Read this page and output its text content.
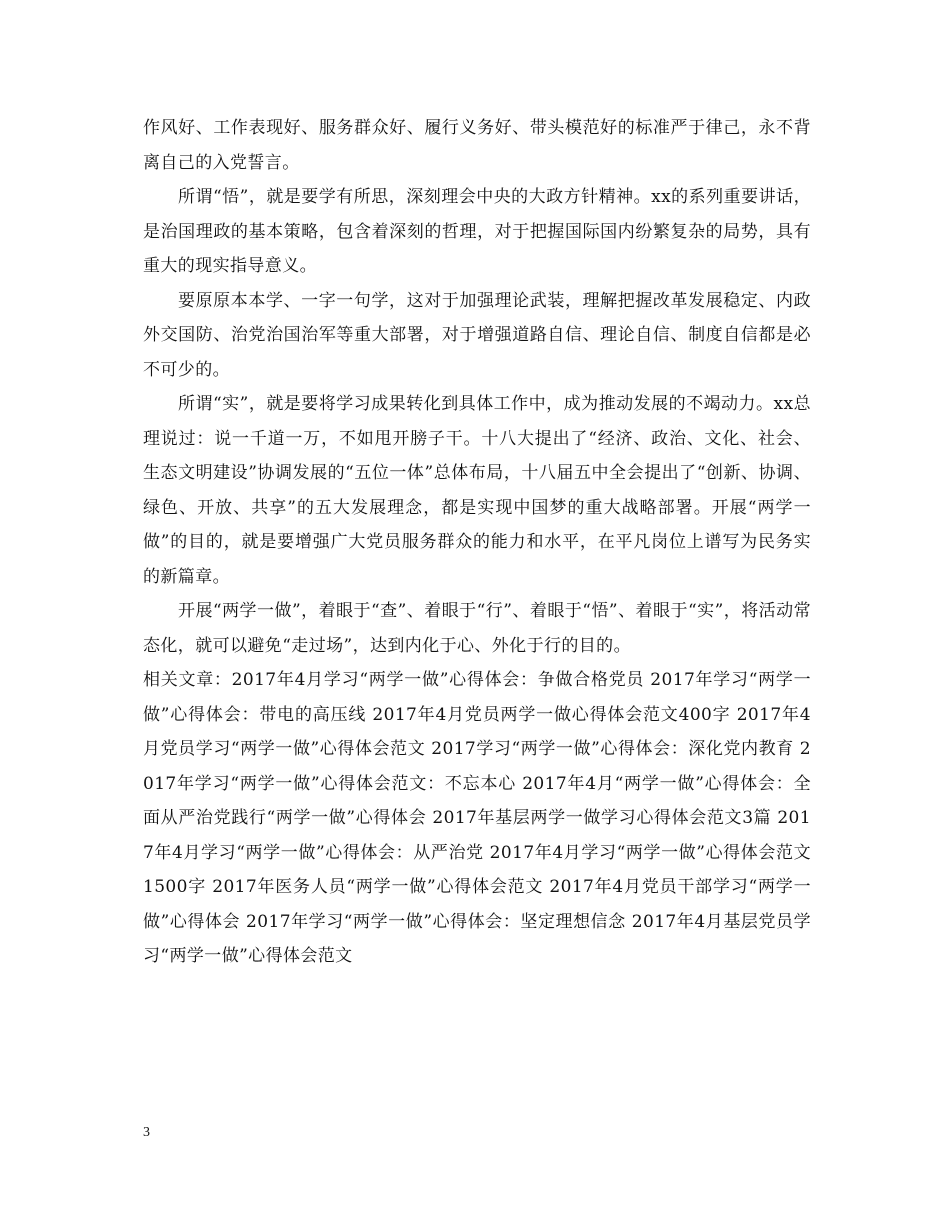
作风好、工作表现好、服务群众好、履行义务好、带头模范好的标准严于律己，永不背离自己的入党誓言。

所谓“悟”，就是要学有所思，深刻理会中央的大政方针精神。xx的系列重要讲话，是治国理政的基本策略，包含着深刻的哲理，对于把握国际国内纷繁复杂的局势，具有重大的现实指导意义。

要原原本本学、一字一句学，这对于加强理论武装，理解把握改革发展稳定、内政外交国防、治党治国治军等重大部署，对于增强道路自信、理论自信、制度自信都是必不可少的。

所谓“实”，就是要将学习成果转化到具体工作中，成为推动发展的不竭动力。xx总理说过：说一千道一万，不如甩开膀子干。十八大提出了“经济、政治、文化、社会、生态文明建设”协调发展的“五位一体”总体布局，十八届五中全会提出了“创新、协调、绿色、开放、共享”的五大发展理念，都是实现中国梦的重大战略部署。开展“两学一做”的目的，就是要增强广大党员服务群众的能力和水平，在平凡岗位上谱写为民务实的新篇章。

开展“两学一做”，着眼于“查”、着眼于“行”、着眼于“悟”、着眼于“实”，将活动常态化，就可以避免“走过场”，达到内化于心、外化于行的目的。

相关文章：2017年4月学习“两学一做”心得体会：争做合格党员 2017年学习“两学一做”心得体会：带电的高压线 2017年4月党员两学一做心得体会范文400字 2017年4月党员学习“两学一做”心得体会范文 2017学习“两学一做”心得体会：深化党内教育 2017年学习“两学一做”心得体会范文：不忘本心 2017年4月“两学一做”心得体会：全面从严治党践行“两学一做”心得体会 2017年基层两学一做学习心得体会范文3篇 2017年4月学习“两学一做”心得体会：从严治党 2017年4月学习“两学一做”心得体会范文1500字 2017年医务人员“两学一做”心得体会范文 2017年4月党员干部学习“两学一做”心得体会 2017年学习“两学一做”心得体会：坚定理想信念 2017年4月基层党员学习“两学一做”心得体会范文

3
